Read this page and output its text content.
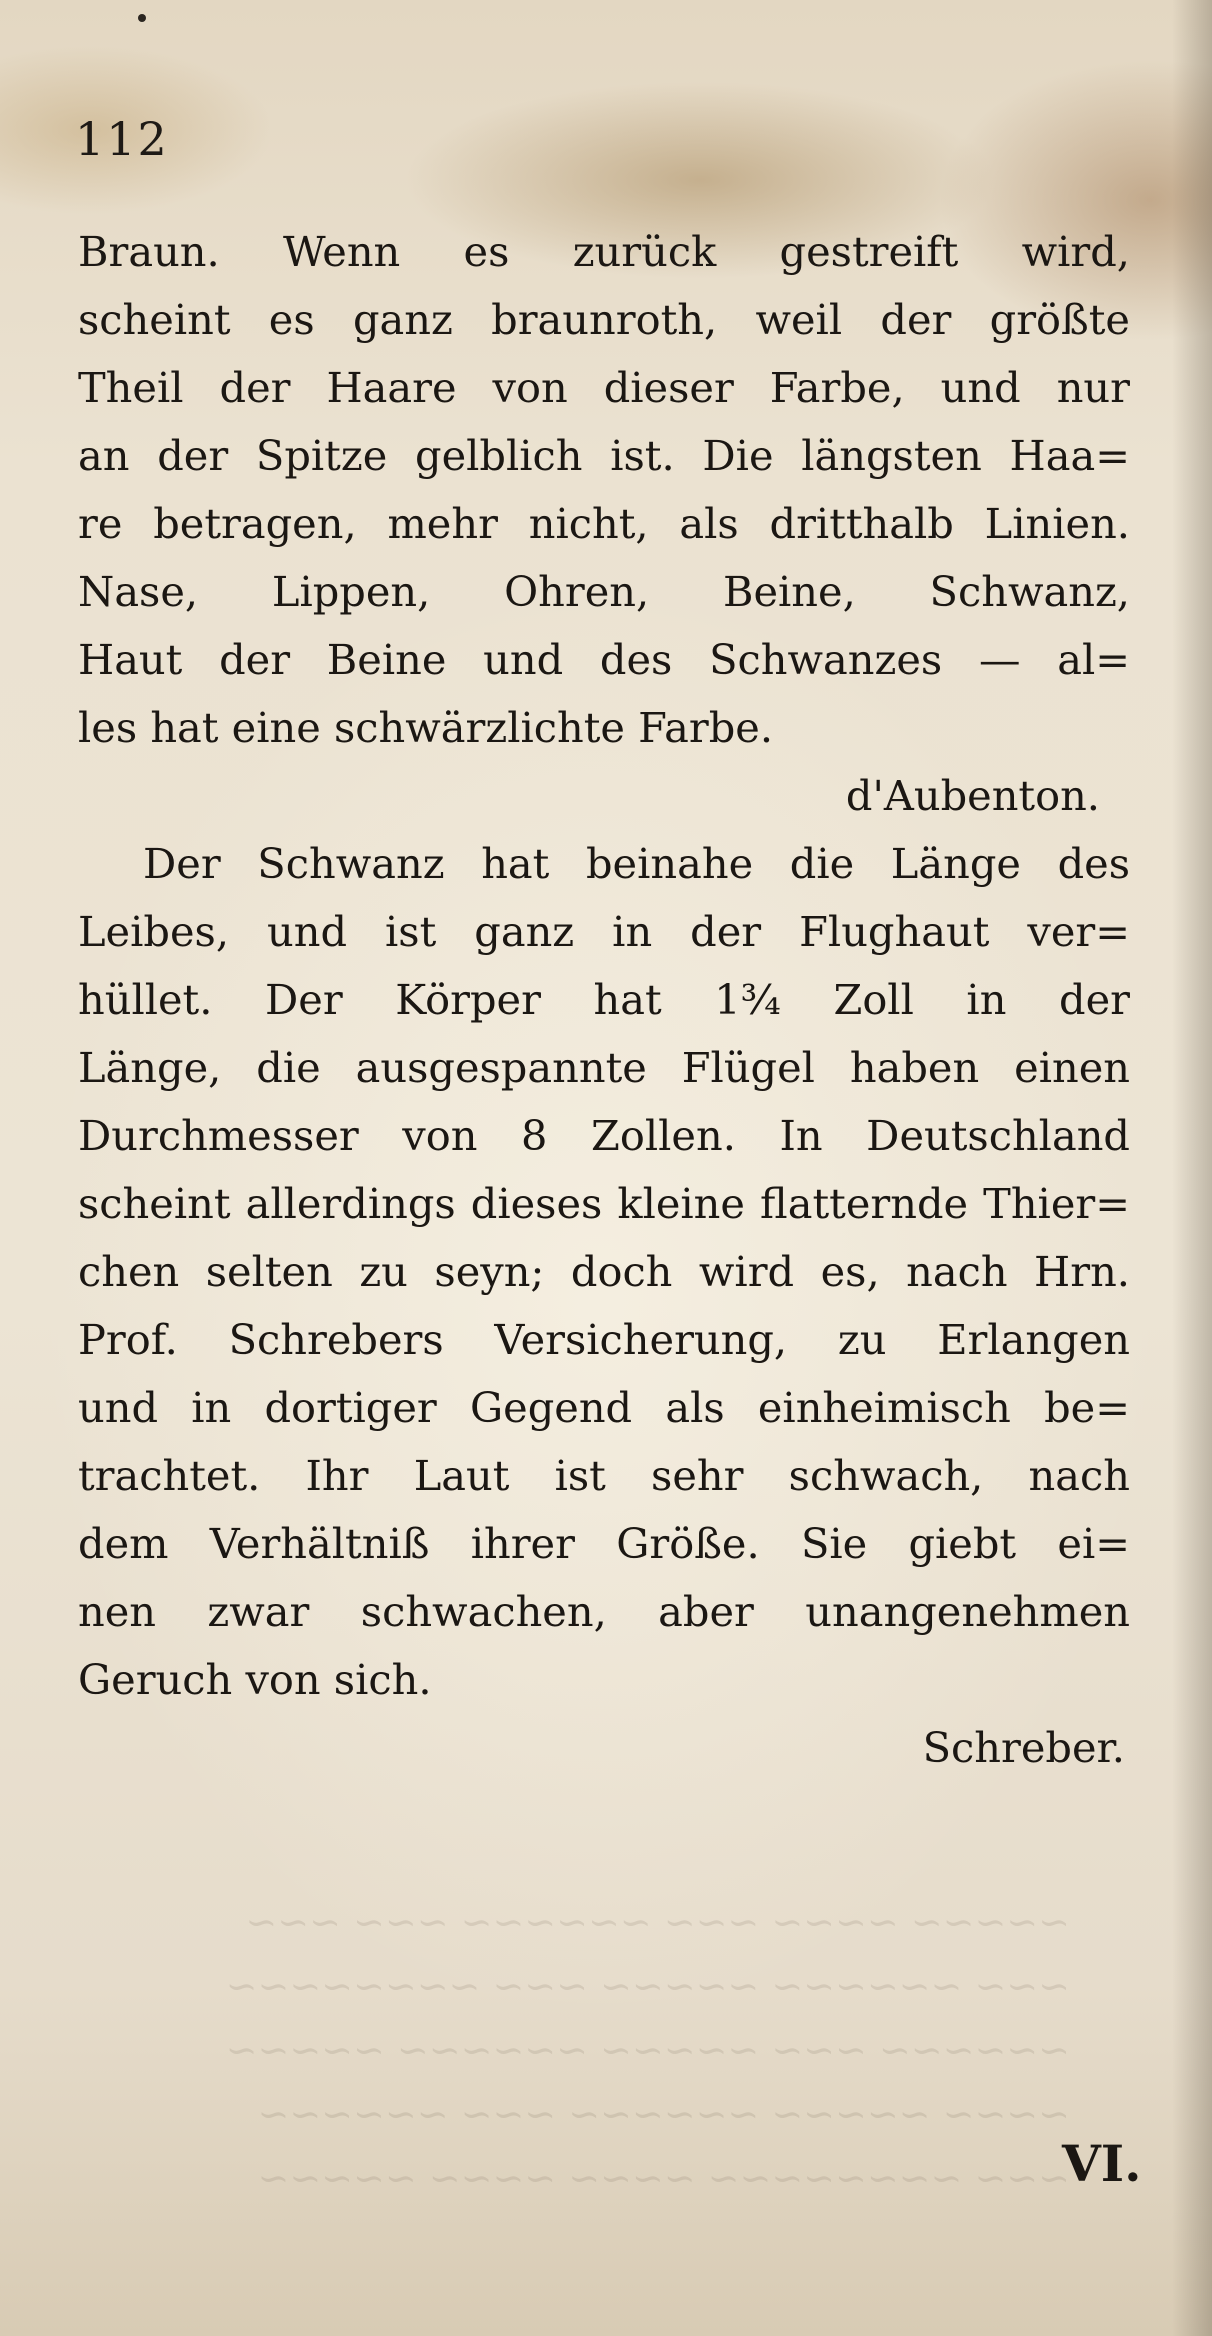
~~~~~ ~~~~ ~~~ ~~~~~~ ~~~ ~~~
~~~ ~~~~~~ ~~~~~ ~~~ ~~~~~~~~
~~~~~~ ~~~ ~~~~~ ~~~~~~ ~~~~~
~~~~ ~~~~~ ~~~~~~ ~~~ ~~~~~~
~~~ ~~~~~~~~ ~~~~ ~~~~ ~~~~~
112
Braun. Wenn es zurück gestreift wird,
scheint es ganz braunroth, weil der größte
Theil der Haare von dieser Farbe, und nur
an der Spitze gelblich ist. Die längsten Haa=
re betragen, mehr nicht, als dritthalb Linien.
Nase, Lippen, Ohren, Beine, Schwanz,
Haut der Beine und des Schwanzes — al=
les hat eine schwärzlichte Farbe.
d'Aubenton.
Der Schwanz hat beinahe die Länge des
Leibes, und ist ganz in der Flughaut ver=
hüllet. Der Körper hat 1¾ Zoll in der
Länge, die ausgespannte Flügel haben einen
Durchmesser von 8 Zollen. In Deutschland
scheint allerdings dieses kleine flatternde Thier=
chen selten zu seyn; doch wird es, nach Hrn.
Prof. Schrebers Versicherung, zu Erlangen
und in dortiger Gegend als einheimisch be=
trachtet. Ihr Laut ist sehr schwach, nach
dem Verhältniß ihrer Größe. Sie giebt ei=
nen zwar schwachen, aber unangenehmen
Geruch von sich.
Schreber.
VI.
